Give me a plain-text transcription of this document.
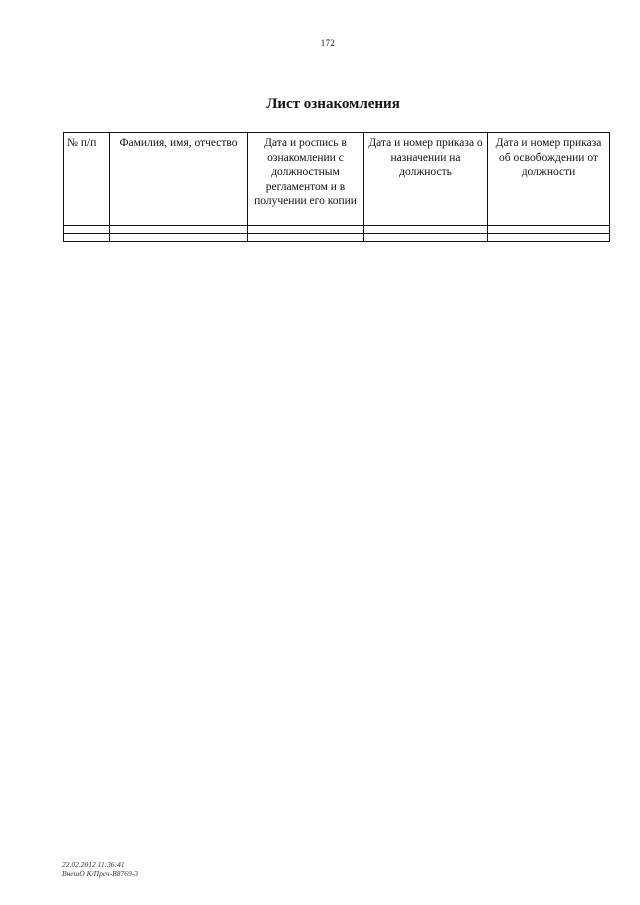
172
Лист ознакомления
№ п/п	Фамилия, имя, отчество	Дата и роспись в ознакомлении с должностным регламентом и в получении его копии	Дата и номер приказа о назначении на должность	Дата и номер приказа об освобождении от должности

22.02.2012 11:36:41
ВнешО К/Прсч-В8769-3
